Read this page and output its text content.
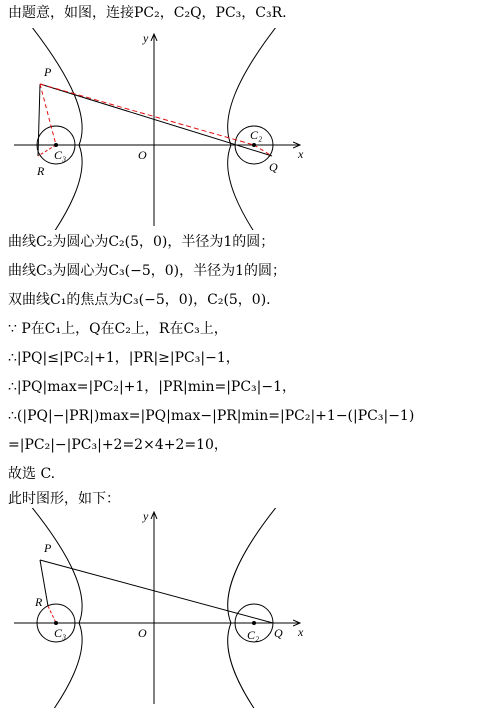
由题意，如图，连接PC₂，C₂Q，PC₃，C₃R.
y
x
O
P
R	Q
C₂
C₃
曲线C₂为圆心为C₂(5，0)，半径为1的圆；
曲线C₃为圆心为C₃(−5，0)，半径为1的圆；
双曲线C₁的焦点为C₃(−5，0)，C₂(5，0).
∵ P在C₁上，Q在C₂上，R在C₃上，
∴|PQ|≤|PC₂|+1，|PR|≥|PC₃|−1，
∴|PQ|max=|PC₂|+1，|PR|min=|PC₃|−1，
∴(|PQ|−|PR|)max=|PQ|max−|PR|min=|PC₂|+1−(|PC₃|−1)
=|PC₂|−|PC₃|+2=2×4+2=10，
故选 C.
此时图形，如下：
y
x
O
P
R
Q
C₂
C₃
